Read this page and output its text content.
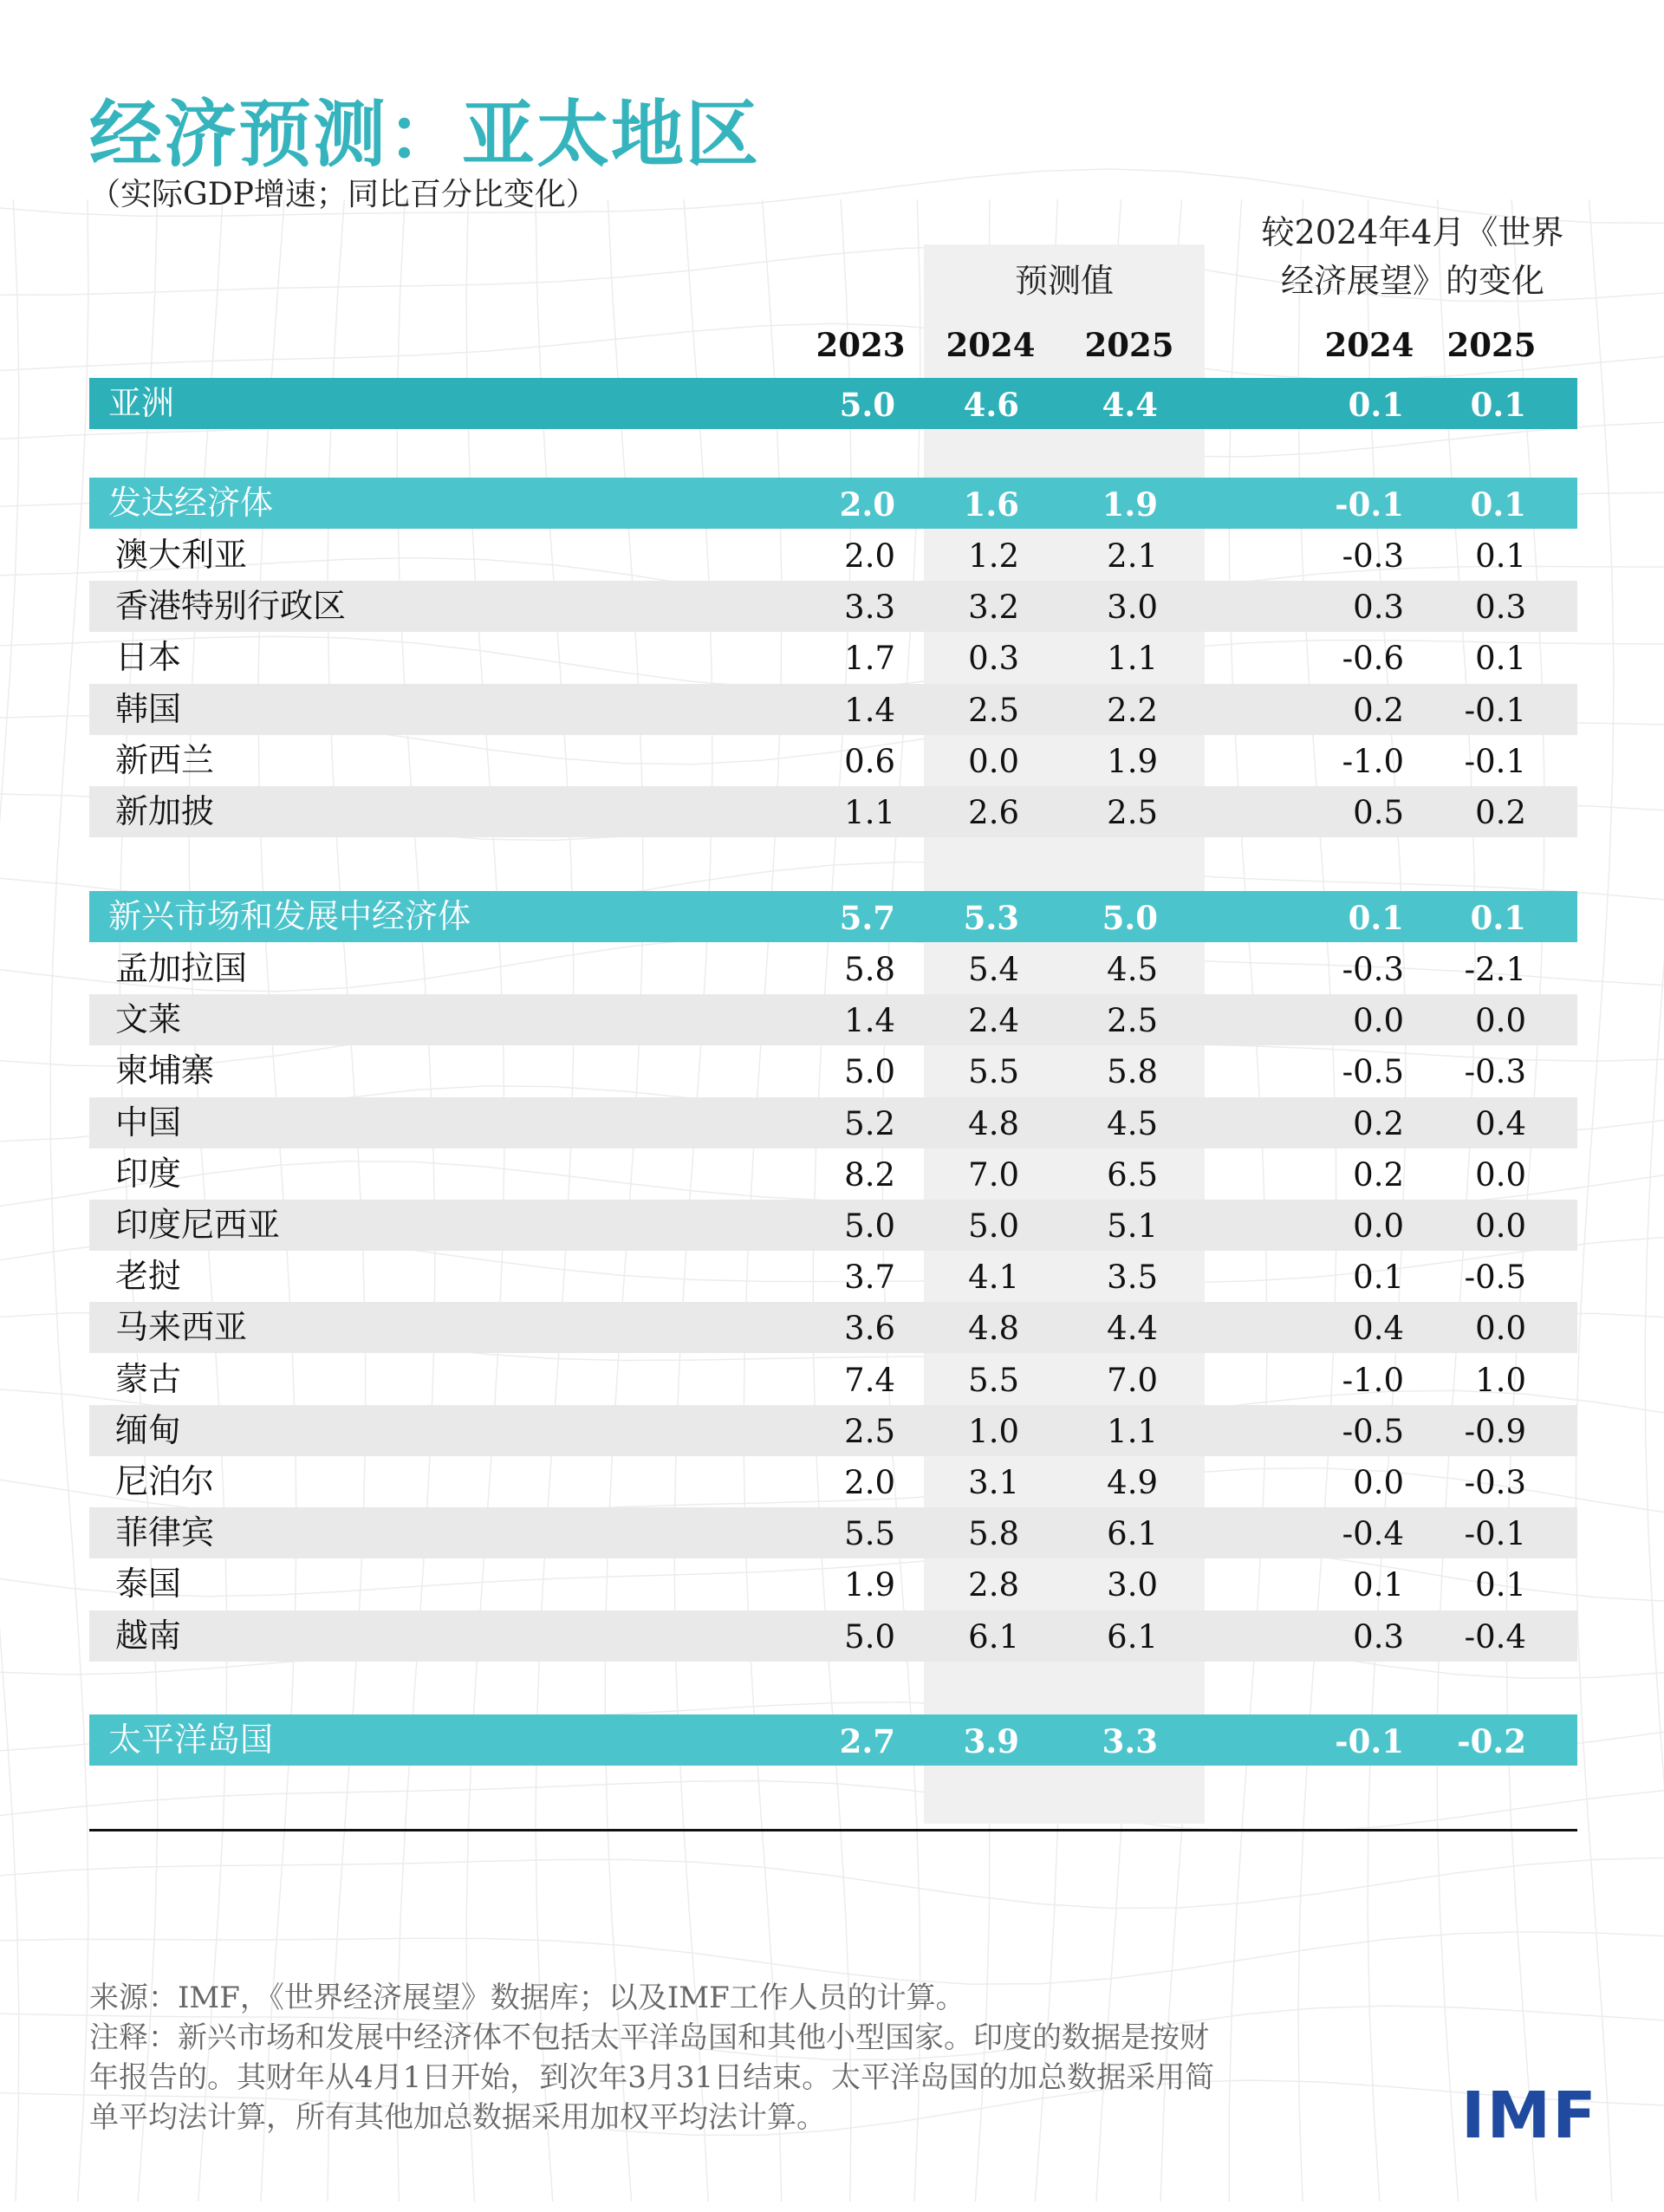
经济预测：亚太地区
（实际GDP增速；同比百分比变化）
较2024年4月《世界
经济展望》的变化
预测值
2023	2024	2025	2024	2025
亚洲	5.0	4.6	4.4	0.1	0.1
发达经济体	2.0	1.6	1.9	-0.1	0.1
澳大利亚	2.0	1.2	2.1	-0.3	0.1
香港特别行政区	3.3	3.2	3.0	0.3	0.3
日本	1.7	0.3	1.1	-0.6	0.1
韩国	1.4	2.5	2.2	0.2	-0.1
新西兰	0.6	0.0	1.9	-1.0	-0.1
新加披	1.1	2.6	2.5	0.5	0.2
新兴市场和发展中经济体	5.7	5.3	5.0	0.1	0.1
孟加拉国	5.8	5.4	4.5	-0.3	-2.1
文莱	1.4	2.4	2.5	0.0	0.0
柬埔寨	5.0	5.5	5.8	-0.5	-0.3
中国	5.2	4.8	4.5	0.2	0.4
印度	8.2	7.0	6.5	0.2	0.0
印度尼西亚	5.0	5.0	5.1	0.0	0.0
老挝	3.7	4.1	3.5	0.1	-0.5
马来西亚	3.6	4.8	4.4	0.4	0.0
蒙古	7.4	5.5	7.0	-1.0	1.0
缅甸	2.5	1.0	1.1	-0.5	-0.9
尼泊尔	2.0	3.1	4.9	0.0	-0.3
菲律宾	5.5	5.8	6.1	-0.4	-0.1
泰国	1.9	2.8	3.0	0.1	0.1
越南	5.0	6.1	6.1	0.3	-0.4
太平洋岛国	2.7	3.9	3.3	-0.1	-0.2
来源：IMF，《世界经济展望》数据库；以及IMF工作人员的计算。
注释：新兴市场和发展中经济体不包括太平洋岛国和其他小型国家。印度的数据是按财
年报告的。其财年从4月1日开始，到次年3月31日结束。太平洋岛国的加总数据采用简
单平均法计算，所有其他加总数据采用加权平均法计算。	IMF
